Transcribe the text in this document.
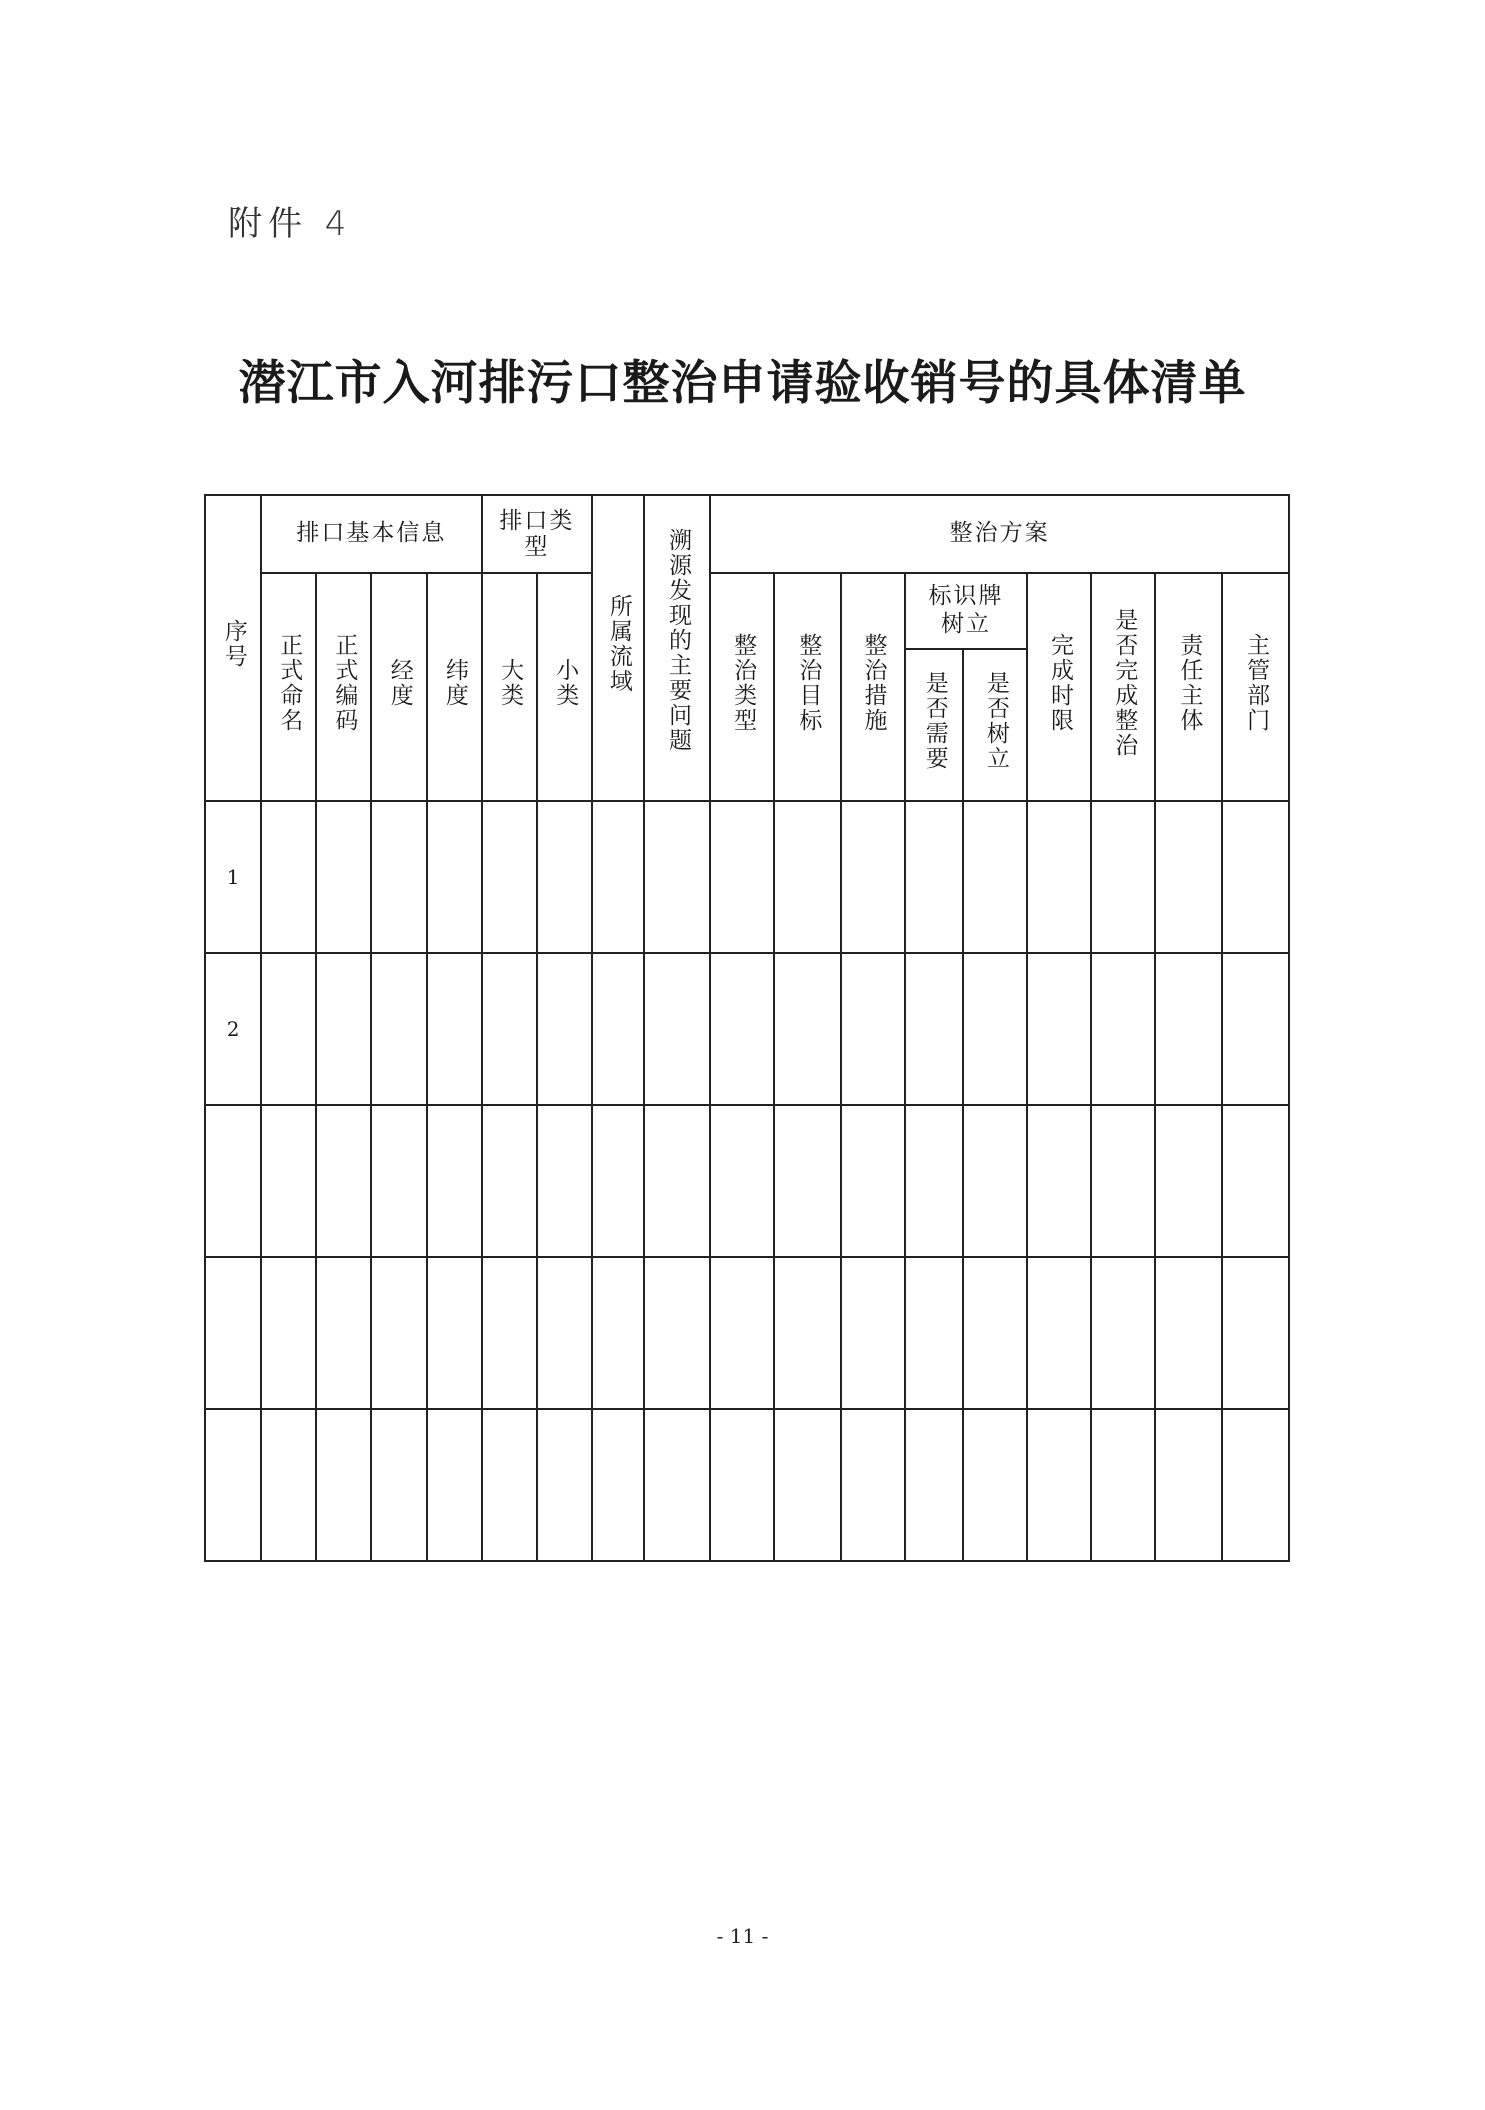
附件 4
潜江市入河排污口整治申请验收销号的具体清单
序号	排口基本信息				排口类型		所属流域	溯源发现的主要问题	整治方案								
	正式命名	正式编码	经度	纬度	大类	小类			整治类型	整治目标	整治措施	标识牌树立		完成时限	是否完成整治	责任主体	主管部门
												是否需要	是否树立				
1																	
2																	

- 11 -
